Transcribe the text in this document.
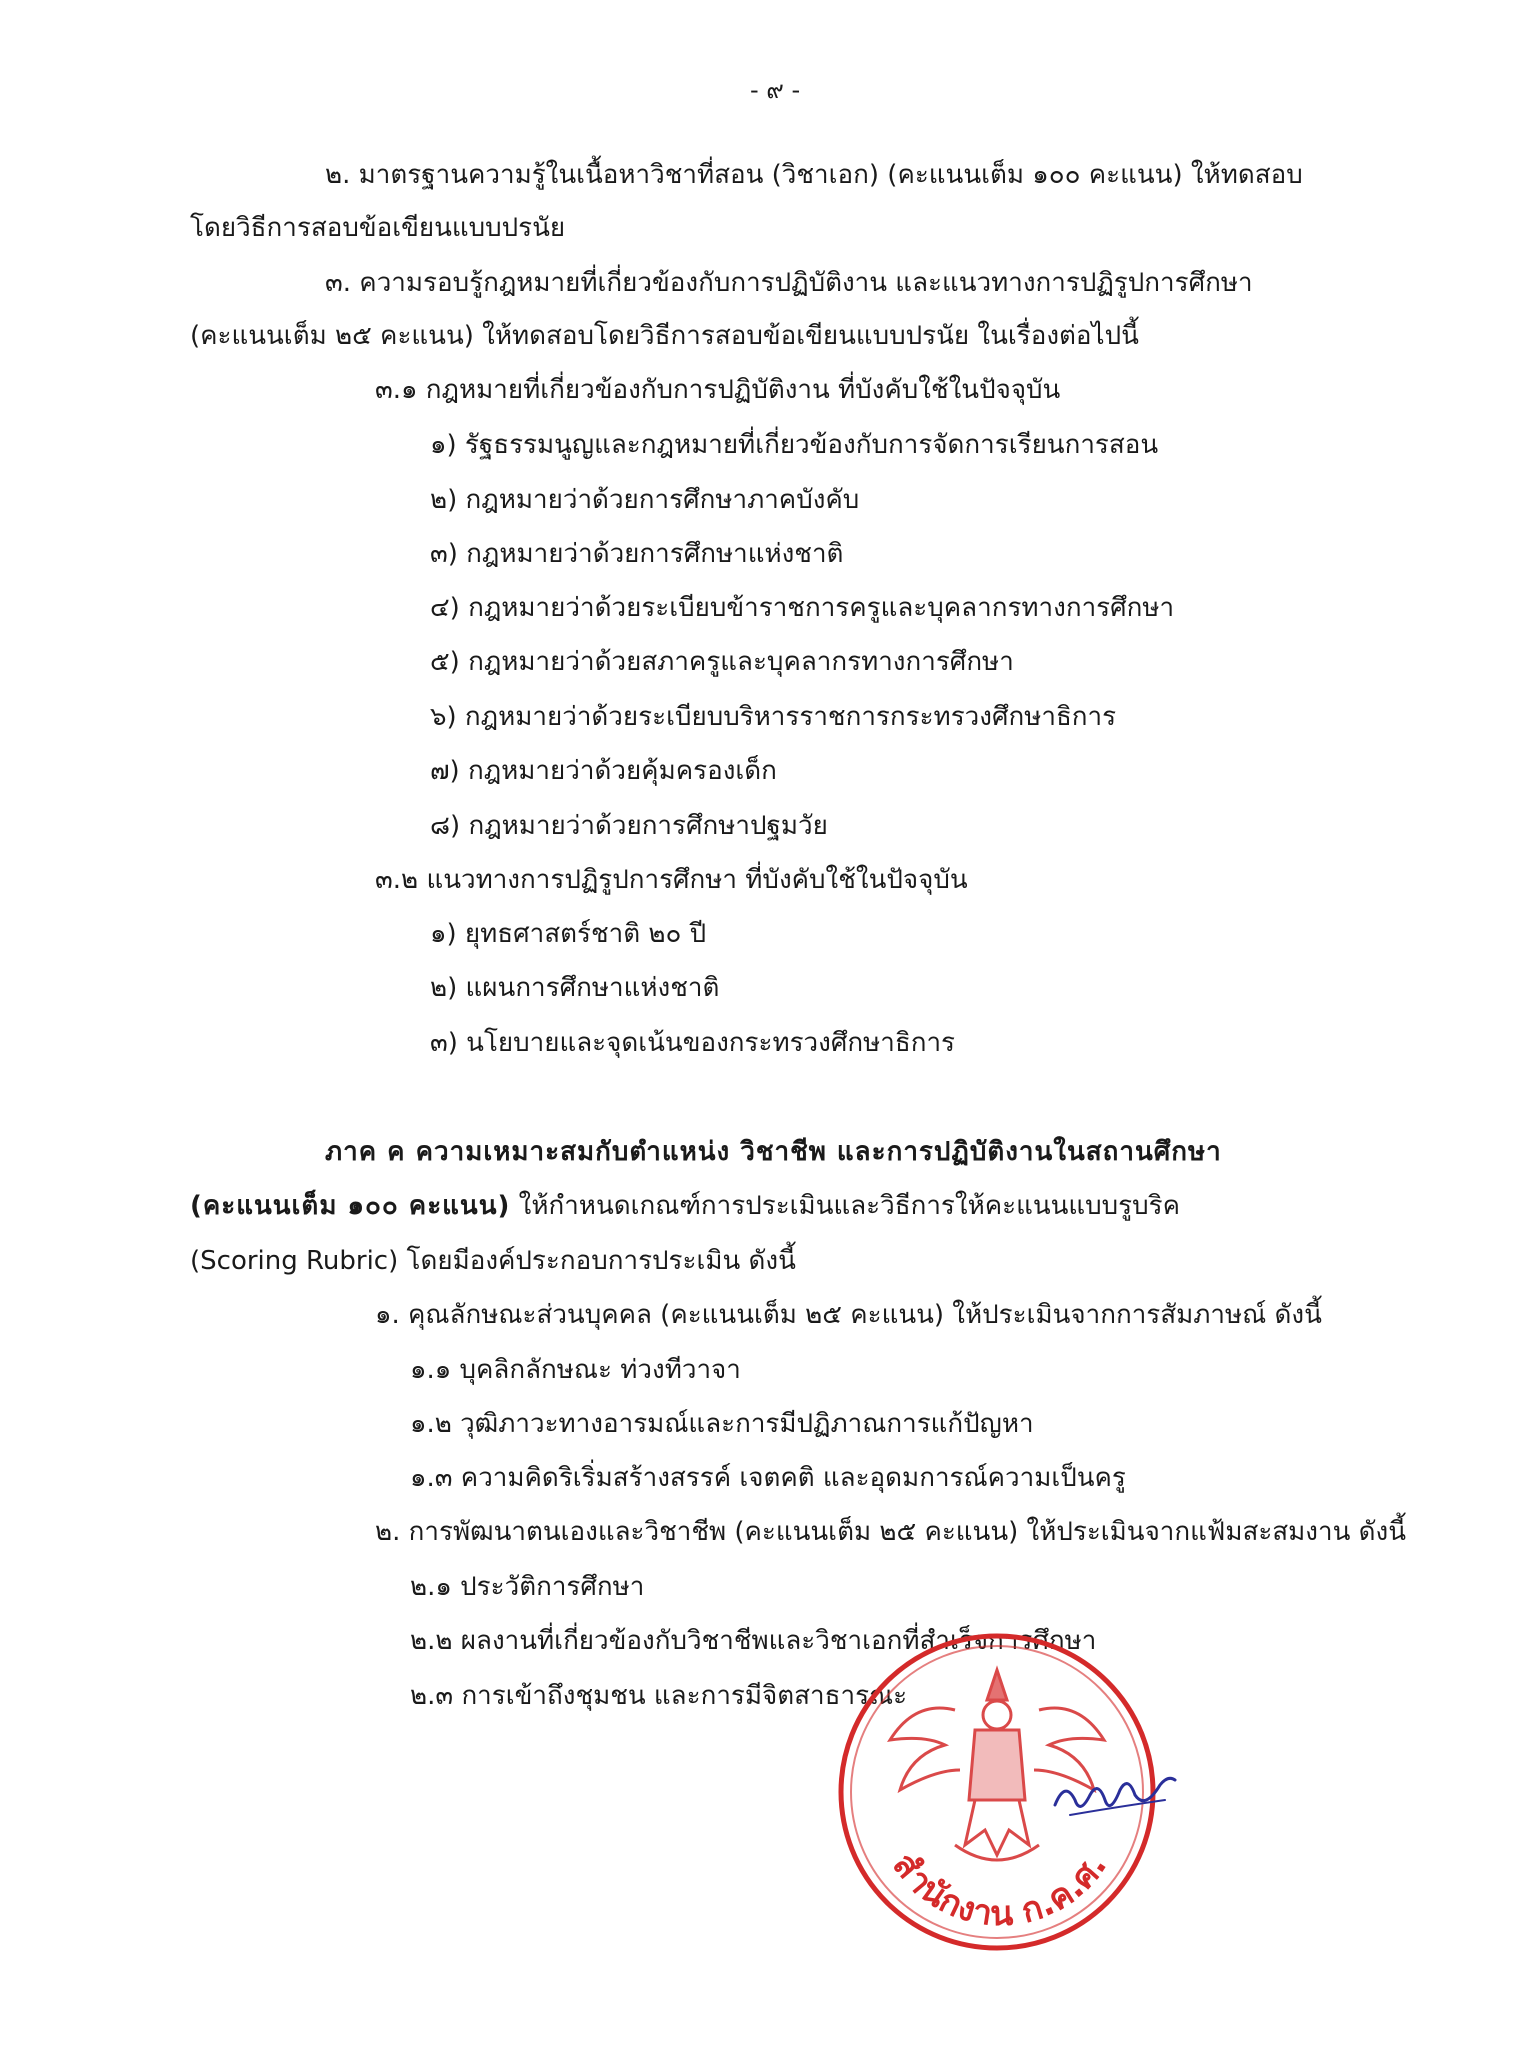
- ๙ -
๒. มาตรฐานความรู้ในเนื้อหาวิชาที่สอน (วิชาเอก) (คะแนนเต็ม ๑๐๐ คะแนน) ให้ทดสอบ
โดยวิธีการสอบข้อเขียนแบบปรนัย
๓. ความรอบรู้กฎหมายที่เกี่ยวข้องกับการปฏิบัติงาน และแนวทางการปฏิรูปการศึกษา
(คะแนนเต็ม ๒๕ คะแนน) ให้ทดสอบโดยวิธีการสอบข้อเขียนแบบปรนัย ในเรื่องต่อไปนี้
๓.๑ กฎหมายที่เกี่ยวข้องกับการปฏิบัติงาน ที่บังคับใช้ในปัจจุบัน
๑) รัฐธรรมนูญและกฎหมายที่เกี่ยวข้องกับการจัดการเรียนการสอน
๒) กฎหมายว่าด้วยการศึกษาภาคบังคับ
๓) กฎหมายว่าด้วยการศึกษาแห่งชาติ
๔) กฎหมายว่าด้วยระเบียบข้าราชการครูและบุคลากรทางการศึกษา
๕) กฎหมายว่าด้วยสภาครูและบุคลากรทางการศึกษา
๖) กฎหมายว่าด้วยระเบียบบริหารราชการกระทรวงศึกษาธิการ
๗) กฎหมายว่าด้วยคุ้มครองเด็ก
๘) กฎหมายว่าด้วยการศึกษาปฐมวัย
๓.๒ แนวทางการปฏิรูปการศึกษา ที่บังคับใช้ในปัจจุบัน
๑) ยุทธศาสตร์ชาติ ๒๐ ปี
๒) แผนการศึกษาแห่งชาติ
๓) นโยบายและจุดเน้นของกระทรวงศึกษาธิการ
ภาค ค ความเหมาะสมกับตำแหน่ง วิชาชีพ และการปฏิบัติงานในสถานศึกษา
(คะแนนเต็ม ๑๐๐ คะแนน) ให้กำหนดเกณฑ์การประเมินและวิธีการให้คะแนนแบบรูบริค
(Scoring Rubric) โดยมีองค์ประกอบการประเมิน ดังนี้
๑. คุณลักษณะส่วนบุคคล (คะแนนเต็ม ๒๕ คะแนน) ให้ประเมินจากการสัมภาษณ์ ดังนี้
๑.๑ บุคลิกลักษณะ ท่วงทีวาจา
๑.๒ วุฒิภาวะทางอารมณ์และการมีปฏิภาณการแก้ปัญหา
๑.๓ ความคิดริเริ่มสร้างสรรค์ เจตคติ และอุดมการณ์ความเป็นครู
๒. การพัฒนาตนเองและวิชาชีพ (คะแนนเต็ม ๒๕ คะแนน) ให้ประเมินจากแฟ้มสะสมงาน ดังนี้
๒.๑ ประวัติการศึกษา
๒.๒ ผลงานที่เกี่ยวข้องกับวิชาชีพและวิชาเอกที่สำเร็จการศึกษา
๒.๓ การเข้าถึงชุมชน และการมีจิตสาธารณะ
สำนักงาน ก.ค.ศ.
